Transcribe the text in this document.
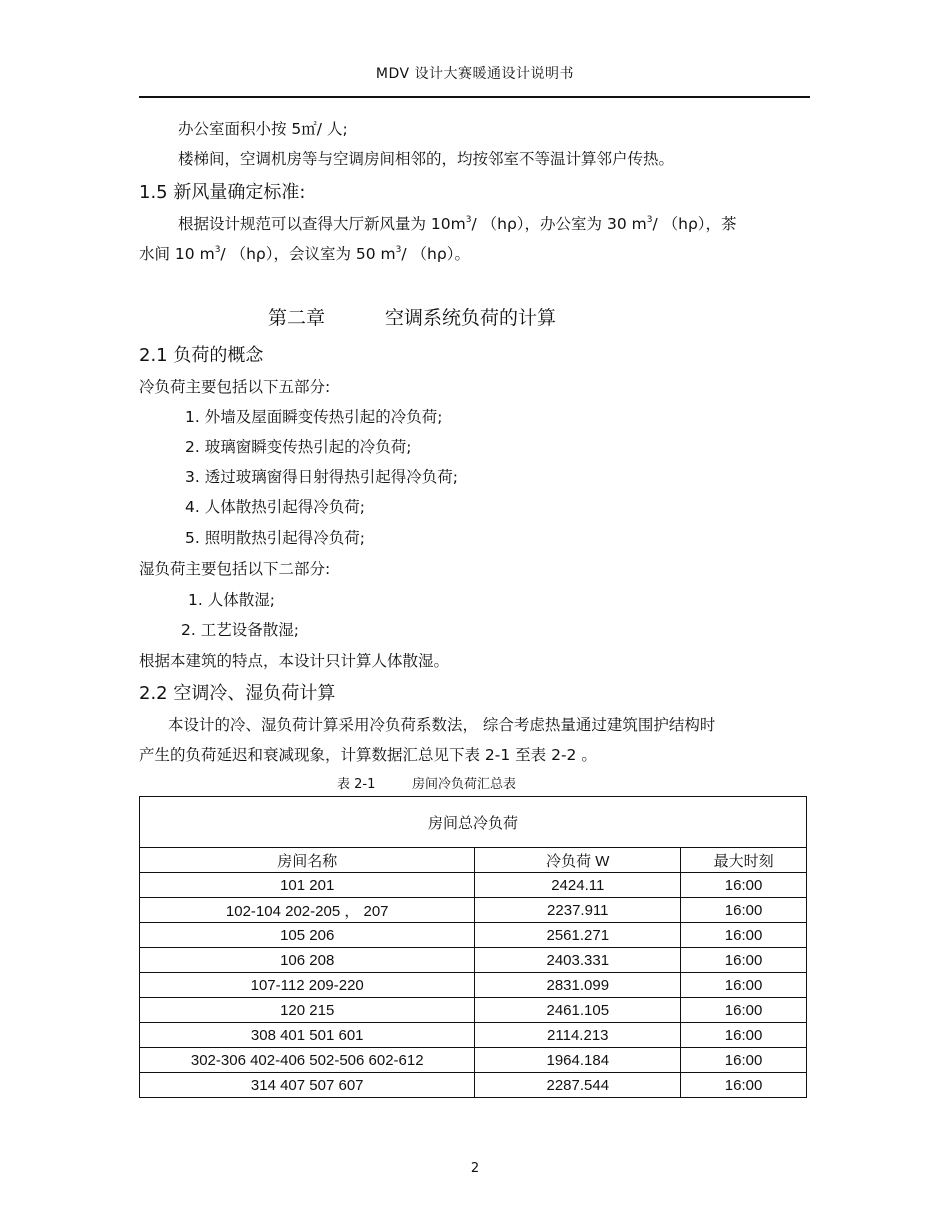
MDV 设计大赛暖通设计说明书
办公室面积小按 5㎡/ 人;
楼梯间，空调机房等与空调房间相邻的，均按邻室不等温计算邻户传热。
1.5 新风量确定标准:
根据设计规范可以查得大厅新风量为 $10m^3/$ （hρ），办公室为 30 $m^3/$ （hρ），茶
水间 10 $m^3/$ （hρ），会议室为 50 $m^3/$ （hρ）。
第二章	空调系统负荷的计算
2.1 负荷的概念
冷负荷主要包括以下五部分:
1. 外墙及屋面瞬变传热引起的冷负荷;
2. 玻璃窗瞬变传热引起的冷负荷;
3. 透过玻璃窗得日射得热引起得冷负荷;
4. 人体散热引起得冷负荷;
5. 照明散热引起得冷负荷;
湿负荷主要包括以下二部分:
1. 人体散湿;
2. 工艺设备散湿;
根据本建筑的特点，本设计只计算人体散湿。
2.2 空调冷、湿负荷计算
本设计的冷、湿负荷计算采用冷负荷系数法， 综合考虑热量通过建筑围护结构时
产生的负荷延迟和衰减现象，计算数据汇总见下表 2-1 至表 2-2 。
表 2-1	房间冷负荷汇总表
房间总冷负荷		
房间名称	冷负荷 W	最大时刻
101 201	2424.11	16:00
102-104 202-205 ， 207	2237.911	16:00
105 206	2561.271	16:00
106 208	2403.331	16:00
107-112 209-220	2831.099	16:00
120 215	2461.105	16:00
308 401 501 601	2114.213	16:00
302-306 402-406 502-506 602-612	1964.184	16:00
314 407 507 607	2287.544	16:00
2
